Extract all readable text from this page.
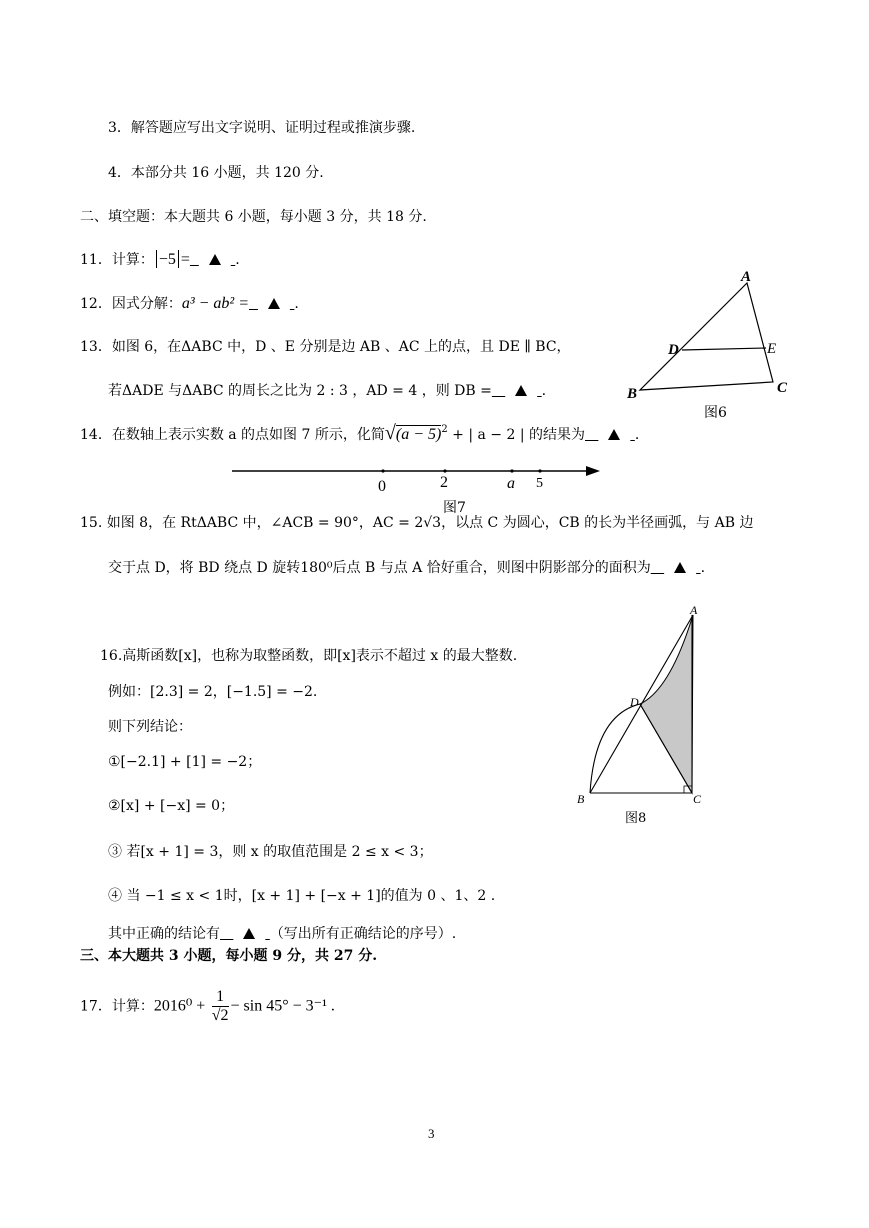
3．解答题应写出文字说明、证明过程或推演步骤.
4．本部分共 16 小题，共 120 分.
二、填空题：本大题共 6 小题，每小题 3 分，共 18 分.
11．计算： −5 =	.
12．因式分解：a³ − ab² =	.
13．如图 6，在ΔABC 中，D 、E 分别是边 AB 、AC 上的点，且 DE ∥ BC，
若ΔADE 与ΔABC 的周长之比为 2 : 3 ，AD = 4 ，则 DB =	.
14．在数轴上表示实数 a 的点如图 7 所示，化简$√(a - 5)^2$ + | a − 2 | 的结果为	.
15. 如图 8，在 RtΔABC 中，∠ACB = 90°，AC = 2√3，以点 C 为圆心，CB 的长为半径画弧，与 AB 边
交于点 D，将 BD 绕点 D 旋转180⁰后点 B 与点 A 恰好重合，则图中阴影部分的面积为	.
16.高斯函数[x]，也称为取整函数，即[x]表示不超过 x 的最大整数.
例如：[2.3] = 2，[−1.5] = −2.
则下列结论：
①[−2.1] + [1] = −2；
②[x] + [−x] = 0；
③ 若[x + 1] = 3，则 x 的取值范围是 2 ≤ x < 3；
④ 当 −1 ≤ x < 1时，[x + 1] + [−x + 1]的值为 0 、1、2 .
其中正确的结论有	（写出所有正确结论的序号）.
三、本大题共 3 小题，每小题 9 分，共 27 分.
17．计算：$2016^0 + \frac{1}{√2} - \sin 45^\circ - 3^{-1}$ .
A
B	C
D	E
图6
0	2	a 5
图7
A
B	C
D
图8
3
